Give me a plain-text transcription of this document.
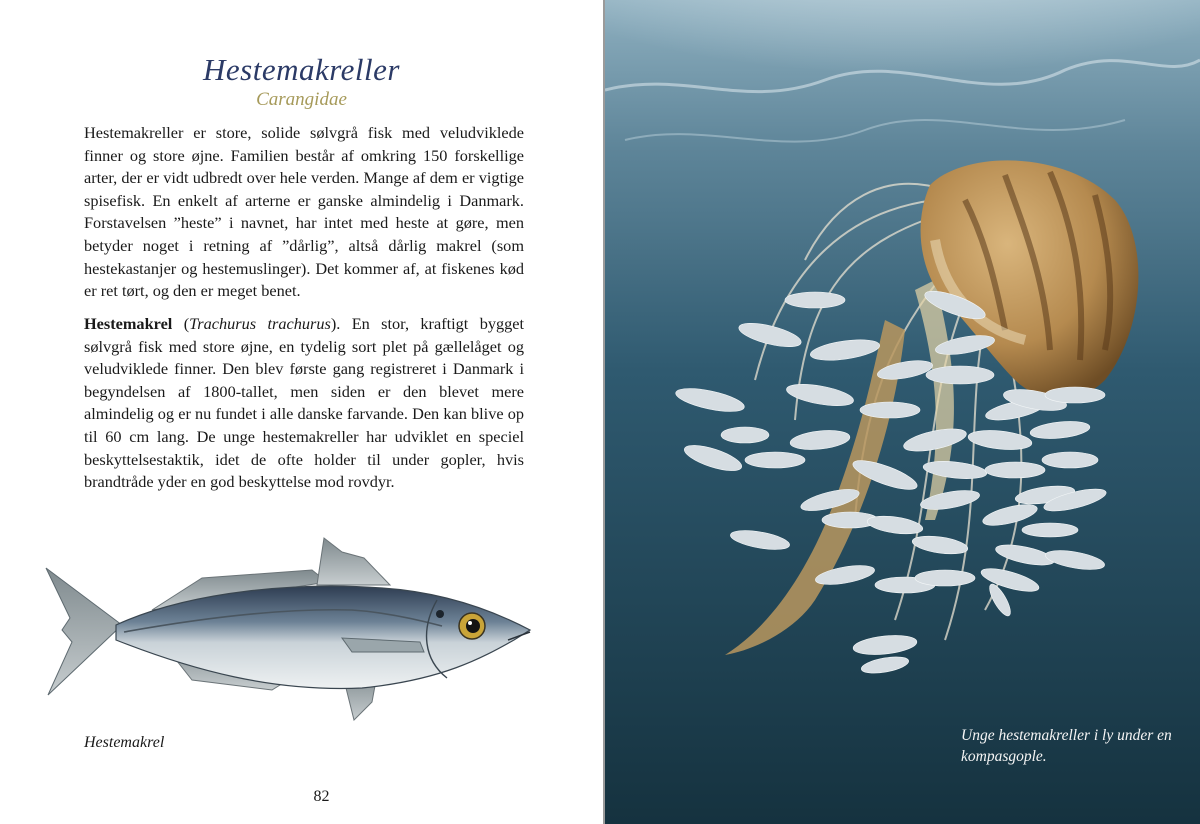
Hestemakreller
Carangidae

Hestemakreller er store, solide sølvgrå fisk med veludviklede finner og store øjne. Familien består af omkring 150 forskellige arter, der er vidt udbredt over hele verden. Mange af dem er vigtige spisefisk. En enkelt af arterne er ganske almindelig i Danmark. Forstavelsen ”heste” i navnet, har intet med heste at gøre, men betyder noget i retning af ”dårlig”, altså dårlig makrel (som hestekastanjer og hestemuslinger). Det kommer af, at fiskenes kød er ret tørt, og den er meget benet.

Hestemakrel (Trachurus trachurus). En stor, kraftigt bygget sølvgrå fisk med store øjne, en tydelig sort plet på gællelåget og veludviklede finner. Den blev første gang registreret i Danmark i begyndelsen af 1800-tallet, men siden er den blevet mere almindelig og er nu fundet i alle danske farvande. Den kan blive op til 60 cm lang. De unge hestemakreller har udviklet en speciel beskyttelsestaktik, idet de ofte holder til under gopler, hvis brandtråde yder en god beskyttelse mod rovdyr.

Hestemakrel
82
Unge hestemakreller i ly under en kompasgople.
